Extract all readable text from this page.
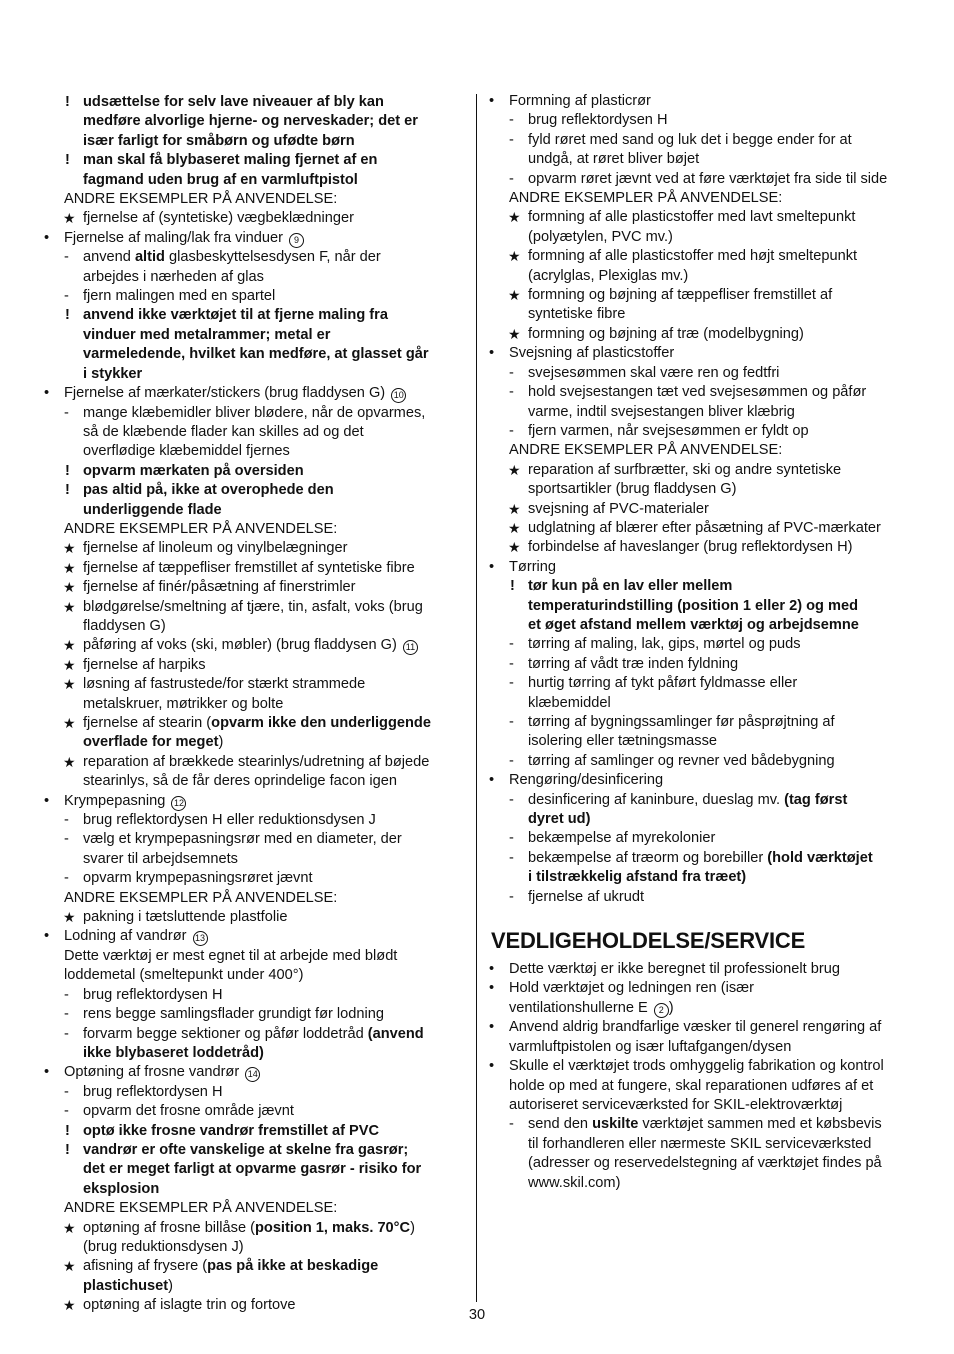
! udsættelse for selv lave niveauer af bly kan
medføre alvorlige hjerne- og nerveskader; det er
især farligt for småbørn og ufødte børn
! man skal få blybaseret maling fjernet af en
fagmand uden brug af en varmluftpistol
ANDRE EKSEMPLER PÅ ANVENDELSE:
★ fjernelse af (syntetiske) vægbeklædninger
• Fjernelse af maling/lak fra vinduer 9
- anvend altid glasbeskyttelsesdysen F, når der
arbejdes i nærheden af glas
- fjern malingen med en spartel
! anvend ikke værktøjet til at fjerne maling fra
vinduer med metalrammer; metal er
varmeledende, hvilket kan medføre, at glasset går
i stykker
• Fjernelse af mærkater/stickers (brug fladdysen G) 10
- mange klæbemidler bliver blødere, når de opvarmes,
så de klæbende flader kan skilles ad og det
overflødige klæbemiddel fjernes
! opvarm mærkaten på oversiden
! pas altid på, ikke at overophede den
underliggende flade
ANDRE EKSEMPLER PÅ ANVENDELSE:
★ fjernelse af linoleum og vinylbelægninger
★ fjernelse af tæppefliser fremstillet af syntetiske fibre
★ fjernelse af finér/påsætning af finerstrimler
★ blødgørelse/smeltning af tjære, tin, asfalt, voks (brug
fladdysen G)
★ påføring af voks (ski, møbler) (brug fladdysen G) 11
★ fjernelse af harpiks
★ løsning af fastrustede/for stærkt strammede
metalskruer, møtrikker og bolte
★ fjernelse af stearin (opvarm ikke den underliggende
overflade for meget)
★ reparation af brækkede stearinlys/udretning af bøjede
stearinlys, så de får deres oprindelige facon igen
• Krympepasning 12
- brug reflektordysen H eller reduktionsdysen J
- vælg et krympepasningsrør med en diameter, der
svarer til arbejdsemnets
- opvarm krympepasningsrøret jævnt
ANDRE EKSEMPLER PÅ ANVENDELSE:
★ pakning i tætsluttende plastfolie
• Lodning af vandrør 13
Dette værktøj er mest egnet til at arbejde med blødt
loddemetal (smeltepunkt under 400°)
- brug reflektordysen H
- rens begge samlingsflader grundigt før lodning
- forvarm begge sektioner og påfør loddetråd (anvend
ikke blybaseret loddetråd)
• Optøning af frosne vandrør 14
- brug reflektordysen H
- opvarm det frosne område jævnt
! optø ikke frosne vandrør fremstillet af PVC
! vandrør er ofte vanskelige at skelne fra gasrør;
det er meget farligt at opvarme gasrør - risiko for
eksplosion
ANDRE EKSEMPLER PÅ ANVENDELSE:
★ optøning af frosne billåse (position 1, maks. 70°C)
(brug reduktionsdysen J)
★ afisning af frysere (pas på ikke at beskadige
plastichuset)
★ optøning af islagte trin og fortove
• Formning af plasticrør
- brug reflektordysen H
- fyld røret med sand og luk det i begge ender for at
undgå, at røret bliver bøjet
- opvarm røret jævnt ved at føre værktøjet fra side til side
ANDRE EKSEMPLER PÅ ANVENDELSE:
★ formning af alle plasticstoffer med lavt smeltepunkt
(polyætylen, PVC mv.)
★ formning af alle plasticstoffer med højt smeltepunkt
(acrylglas, Plexiglas mv.)
★ formning og bøjning af tæppefliser fremstillet af
syntetiske fibre
★ formning og bøjning af træ (modelbygning)
• Svejsning af plasticstoffer
- svejsesømmen skal være ren og fedtfri
- hold svejsestangen tæt ved svejsesømmen og påfør
varme, indtil svejsestangen bliver klæbrig
- fjern varmen, når svejsesømmen er fyldt op
ANDRE EKSEMPLER PÅ ANVENDELSE:
★ reparation af surfbrætter, ski og andre syntetiske
sportsartikler (brug fladdysen G)
★ svejsning af PVC-materialer
★ udglatning af blærer efter påsætning af PVC-mærkater
★ forbindelse af haveslanger (brug reflektordysen H)
• Tørring
! tør kun på en lav eller mellem
temperaturindstilling (position 1 eller 2) og med
et øget afstand mellem værktøj og arbejdsemne
- tørring af maling, lak, gips, mørtel og puds
- tørring af vådt træ inden fyldning
- hurtig tørring af tykt påført fyldmasse eller
klæbemiddel
- tørring af bygningssamlinger før påsprøjtning af
isolering eller tætningsmasse
- tørring af samlinger og revner ved bådebygning
• Rengøring/desinficering
- desinficering af kaninbure, dueslag mv. (tag først
dyret ud)
- bekæmpelse af myrekolonier
- bekæmpelse af træorm og borebiller (hold værktøjet
i tilstrækkelig afstand fra træet)
- fjernelse af ukrudt
VEDLIGEHOLDELSE/SERVICE
• Dette værktøj er ikke beregnet til professionelt brug
• Hold værktøjet og ledningen ren (især
ventilationshullerne E 2 )
• Anvend aldrig brandfarlige væsker til generel rengøring af
varmluftpistolen og især luftafgangen/dysen
• Skulle el værktøjet trods omhyggelig fabrikation og kontrol
holde op med at fungere, skal reparationen udføres af et
autoriseret serviceværksted for SKIL-elektroværktøj
- send den uskilte værktøjet sammen med et købsbevis
til forhandleren eller nærmeste SKIL serviceværksted
(adresser og reservedelstegning af værktøjet findes på
www.skil.com)
30
